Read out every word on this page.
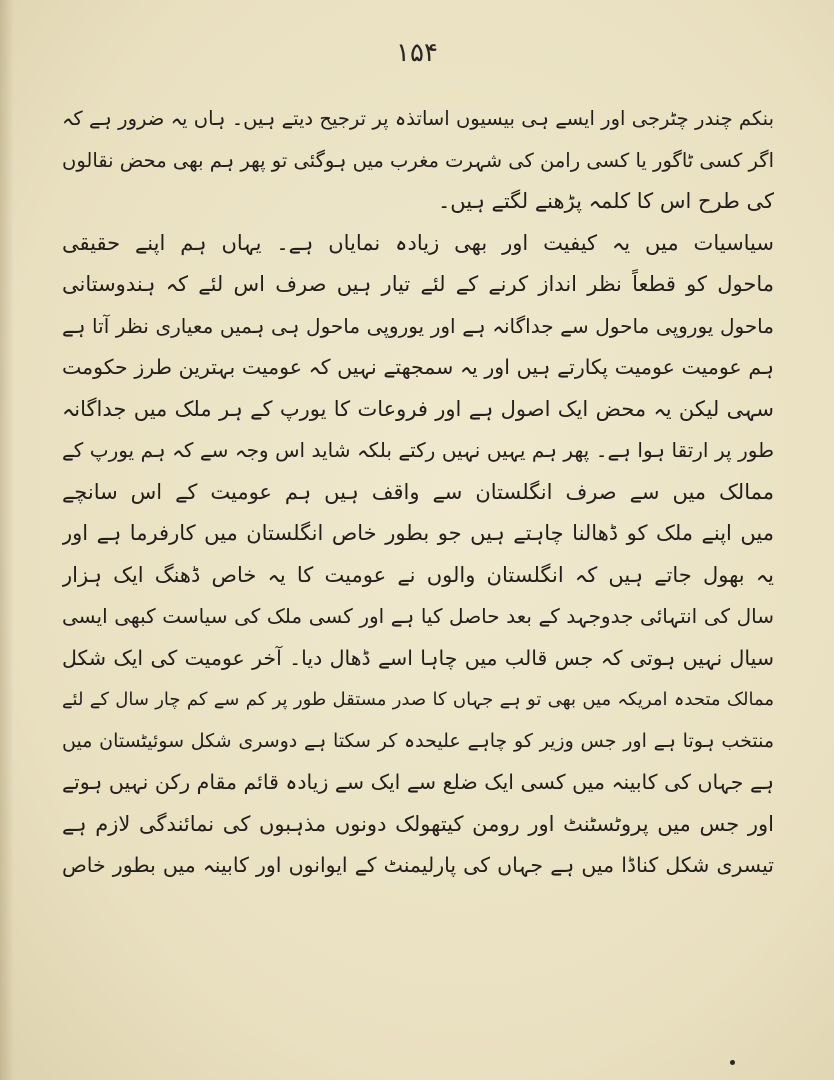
۱۵۴
بنکم چندر چٹرجی اور ایسے ہی بیسیوں اساتذہ پر ترجیح دیتے ہیں۔ ہاں یہ ضرور ہے کہ
اگر کسی ٹاگور یا کسی رامن کی شہرت مغرب میں ہوگئی تو پھر ہم بھی محض نقالوں
کی طرح اس کا کلمہ پڑھنے لگتے ہیں۔
سیاسیات میں یہ کیفیت اور بھی زیادہ نمایاں ہے۔ یہاں ہم اپنے حقیقی
ماحول کو قطعاً نظر انداز کرنے کے لئے تیار ہیں صرف اس لئے کہ ہندوستانی
ماحول یوروپی ماحول سے جداگانہ ہے اور یوروپی ماحول ہی ہمیں معیاری نظر آتا ہے
ہم عومیت عومیت پکارتے ہیں اور یہ سمجھتے نہیں کہ عومیت بہترین طرز حکومت
سہی لیکن یہ محض ایک اصول ہے اور فروعات کا یورپ کے ہر ملک میں جداگانہ
طور پر ارتقا ہوا ہے۔ پھر ہم یہیں نہیں رکتے بلکہ شاید اس وجہ سے کہ ہم یورپ کے
ممالک میں سے صرف انگلستان سے واقف ہیں ہم عومیت کے اس سانچے
میں اپنے ملک کو ڈھالنا چاہتے ہیں جو بطور خاص انگلستان میں کارفرما ہے اور
یہ بھول جاتے ہیں کہ انگلستان والوں نے عومیت کا یہ خاص ڈھنگ ایک ہزار
سال کی انتہائی جدوجہد کے بعد حاصل کیا ہے اور کسی ملک کی سیاست کبھی ایسی
سیال نہیں ہوتی کہ جس قالب میں چاہا اسے ڈھال دیا۔ آخر عومیت کی ایک شکل
ممالک متحدہ امریکہ میں بھی تو ہے جہاں کا صدر مستقل طور پر کم سے کم چار سال کے لئے
منتخب ہوتا ہے اور جس وزیر کو چاہے علیحدہ کر سکتا ہے دوسری شکل سوئیٹستان میں
ہے جہاں کی کابینہ میں کسی ایک ضلع سے ایک سے زیادہ قائم مقام رکن نہیں ہوتے
اور جس میں پروٹسٹنٹ اور رومن کیتھولک دونوں مذہبوں کی نمائندگی لازم ہے
تیسری شکل کناڈا میں ہے جہاں کی پارلیمنٹ کے ایوانوں اور کابینہ میں بطور خاص
